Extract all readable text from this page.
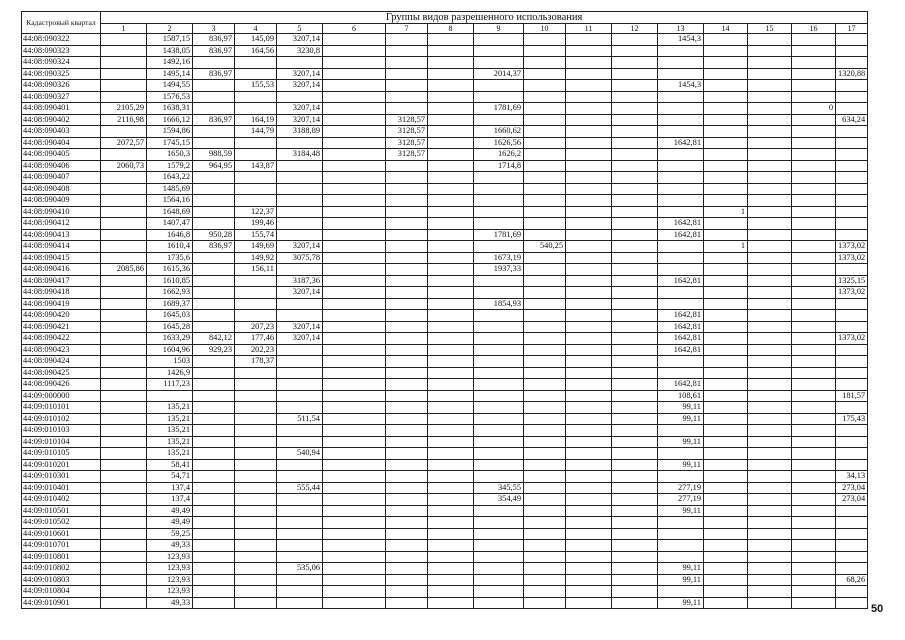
Кадастровый квартал	Группы видов разрешенного использования																
	1	2	3	4	5	6	7	8	9	10	11	12	13	14	15	16	17
44:08:090322		1587,15	836,97	145,09	3207,14								1454,3				
44:08:090323		1438,05	836,97	164,56	3230,8												
44:08:090324		1492,16															
44:08:090325		1495,14	836,97		3207,14				2014,37								1320,88
44:08:090326		1494,55		155,53	3207,14								1454,3				
44:08:090327		1576,53															
44:08:090401	2105,29	1638,31			3207,14				1781,69							0	
44:08:090402	2116,98	1666,12	836,97	164,19	3207,14		3128,57										634,24
44:08:090403		1594,86		144,79	3188,89		3128,57		1660,62								
44:08:090404	2072,57	1745,15					3128,57		1626,56				1642,81				
44:08:090405		1650,3	988,59		3184,48		3128,57		1626,2								
44:08:090406	2060,73	1579,2	964,95	143,87					1714,8								
44:08:090407		1643,22															
44:08:090408		1485,69															
44:08:090409		1564,16															
44:08:090410		1648,69		122,37										1			
44:08:090412		1407,47		199,46									1642,81				
44:08:090413		1646,8	950,28	155,74					1781,69				1642,81				
44:08:090414		1610,4	836,97	149,69	3207,14					540,25				1			1373,02
44:08:090415		1735,6		149,92	3075,78				1673,19								1373,02
44:08:090416	2085,86	1615,36		156,11					1937,33								
44:08:090417		1610,85			3187,36								1642,81				1325,15
44:08:090418		1662,93			3207,14												1373,02
44:08:090419		1689,37							1854,93								
44:08:090420		1645,03											1642,81				
44:08:090421		1645,28		207,23	3207,14								1642,81				
44:08:090422		1633,29	842,12	177,46	3207,14								1642,81				1373,02
44:08:090423		1604,96	929,23	202,23									1642,81				
44:08:090424		1503		178,37													
44:08:090425		1426,9															
44:08:090426		1117,23											1642,81				
44:09:000000													108,61				181,57
44:09:010101		135,21											99,11				
44:09:010102		135,21			511,54								99,11				175,43
44:09:010103		135,21															
44:09:010104		135,21											99,11				
44:09:010105		135,21			540,94												
44:09:010201		58,41											99,11				
44:09:010301		54,71															34,13
44:09:010401		137,4			555,44				345,55				277,19				273,04
44:09:010402		137,4							354,49				277,19				273,04
44:09:010501		49,49											99,11				
44:09:010502		49,49															
44:09:010601		59,25															
44:09:010701		49,33															
44:09:010801		123,93															
44:09:010802		123,93			535,06								99,11				
44:09:010803		123,93											99,11				68,26
44:09:010804		123,93															
44:09:010901		49,33											99,11				
50
